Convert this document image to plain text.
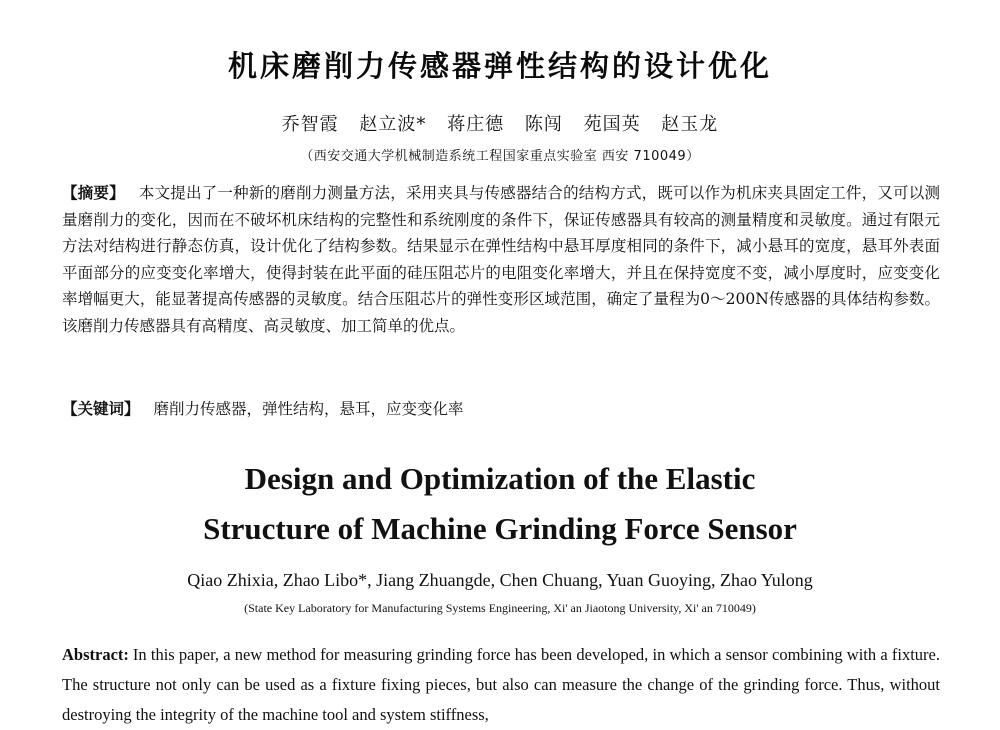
机床磨削力传感器弹性结构的设计优化
乔智霞 赵立波* 蒋庄德 陈闯 苑国英 赵玉龙
（西安交通大学机械制造系统工程国家重点实验室 西安 710049）
【摘要】 本文提出了一种新的磨削力测量方法，采用夹具与传感器结合的结构方式，既可以作为机床夹具固定工件，又可以测量磨削力的变化，因而在不破坏机床结构的完整性和系统刚度的条件下，保证传感器具有较高的测量精度和灵敏度。通过有限元方法对结构进行静态仿真，设计优化了结构参数。结果显示在弹性结构中悬耳厚度相同的条件下，减小悬耳的宽度，悬耳外表面平面部分的应变变化率增大，使得封装在此平面的硅压阻芯片的电阻变化率增大，并且在保持宽度不变，减小厚度时，应变变化率增幅更大，能显著提高传感器的灵敏度。结合压阻芯片的弹性变形区域范围，确定了量程为0～200N传感器的具体结构参数。该磨削力传感器具有高精度、高灵敏度、加工简单的优点。
【关键词】 磨削力传感器，弹性结构，悬耳，应变变化率
Design and Optimization of the Elastic
Structure of Machine Grinding Force Sensor
Qiao Zhixia, Zhao Libo*, Jiang Zhuangde, Chen Chuang, Yuan Guoying, Zhao Yulong
(State Key Laboratory for Manufacturing Systems Engineering, Xi' an Jiaotong University, Xi' an 710049)
Abstract: In this paper, a new method for measuring grinding force has been developed, in which a sensor combining with a fixture. The structure not only can be used as a fixture fixing pieces, but also can measure the change of the grinding force. Thus, without destroying the integrity of the machine tool and system stiffness,
